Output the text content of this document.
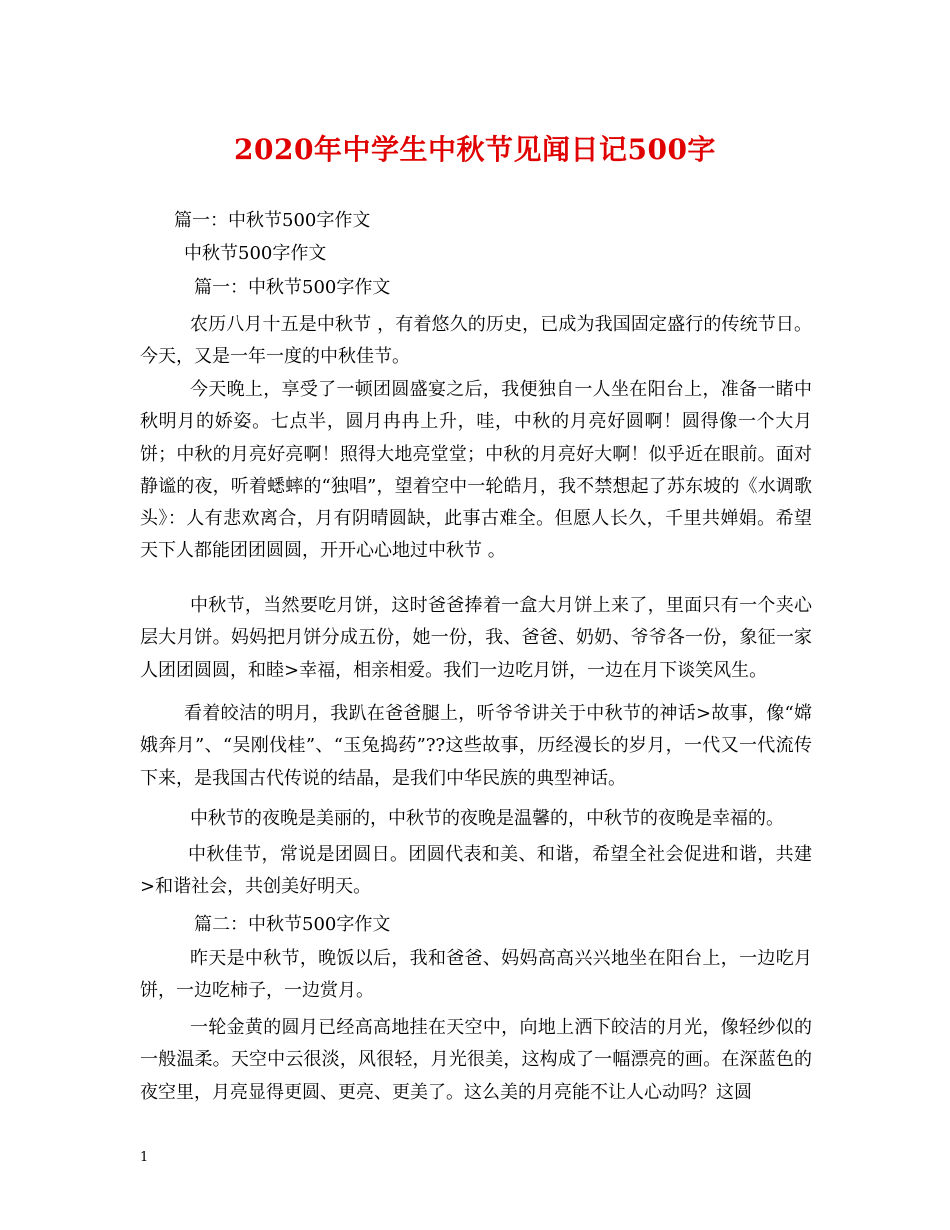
2020年中学生中秋节见闻日记500字
篇一：中秋节500字作文
中秋节500字作文
篇一：中秋节500字作文
农历八月十五是中秋节 ，有着悠久的历史，已成为我国固定盛行的传统节日。今天，又是一年一度的中秋佳节。
今天晚上，享受了一顿团圆盛宴之后，我便独自一人坐在阳台上，准备一睹中秋明月的娇姿。七点半，圆月冉冉上升，哇，中秋的月亮好圆啊！圆得像一个大月饼；中秋的月亮好亮啊！照得大地亮堂堂；中秋的月亮好大啊！似乎近在眼前。面对静谧的夜，听着蟋蟀的“独唱”，望着空中一轮皓月，我不禁想起了苏东坡的《水调歌头》：人有悲欢离合，月有阴晴圆缺，此事古难全。但愿人长久，千里共婵娟。希望天下人都能团团圆圆，开开心心地过中秋节 。
中秋节，当然要吃月饼，这时爸爸捧着一盒大月饼上来了，里面只有一个夹心层大月饼。妈妈把月饼分成五份，她一份，我、爸爸、奶奶、爷爷各一份，象征一家人团团圆圆，和睦>幸福，相亲相爱。我们一边吃月饼，一边在月下谈笑风生。
看着皎洁的明月，我趴在爸爸腿上，听爷爷讲关于中秋节的神话>故事，像“嫦娥奔月”、“吴刚伐桂”、“玉兔捣药”??这些故事，历经漫长的岁月，一代又一代流传下来，是我国古代传说的结晶，是我们中华民族的典型神话。
中秋节的夜晚是美丽的，中秋节的夜晚是温馨的，中秋节的夜晚是幸福的。
中秋佳节，常说是团圆日。团圆代表和美、和谐，希望全社会促进和谐，共建>和谐社会，共创美好明天。
篇二：中秋节500字作文
昨天是中秋节，晚饭以后，我和爸爸、妈妈高高兴兴地坐在阳台上，一边吃月饼，一边吃柿子，一边赏月。
一轮金黄的圆月已经高高地挂在天空中，向地上洒下皎洁的月光，像轻纱似的一般温柔。天空中云很淡，风很轻，月光很美，这构成了一幅漂亮的画。在深蓝色的夜空里，月亮显得更圆、更亮、更美了。这么美的月亮能不让人心动吗？这圆
1
